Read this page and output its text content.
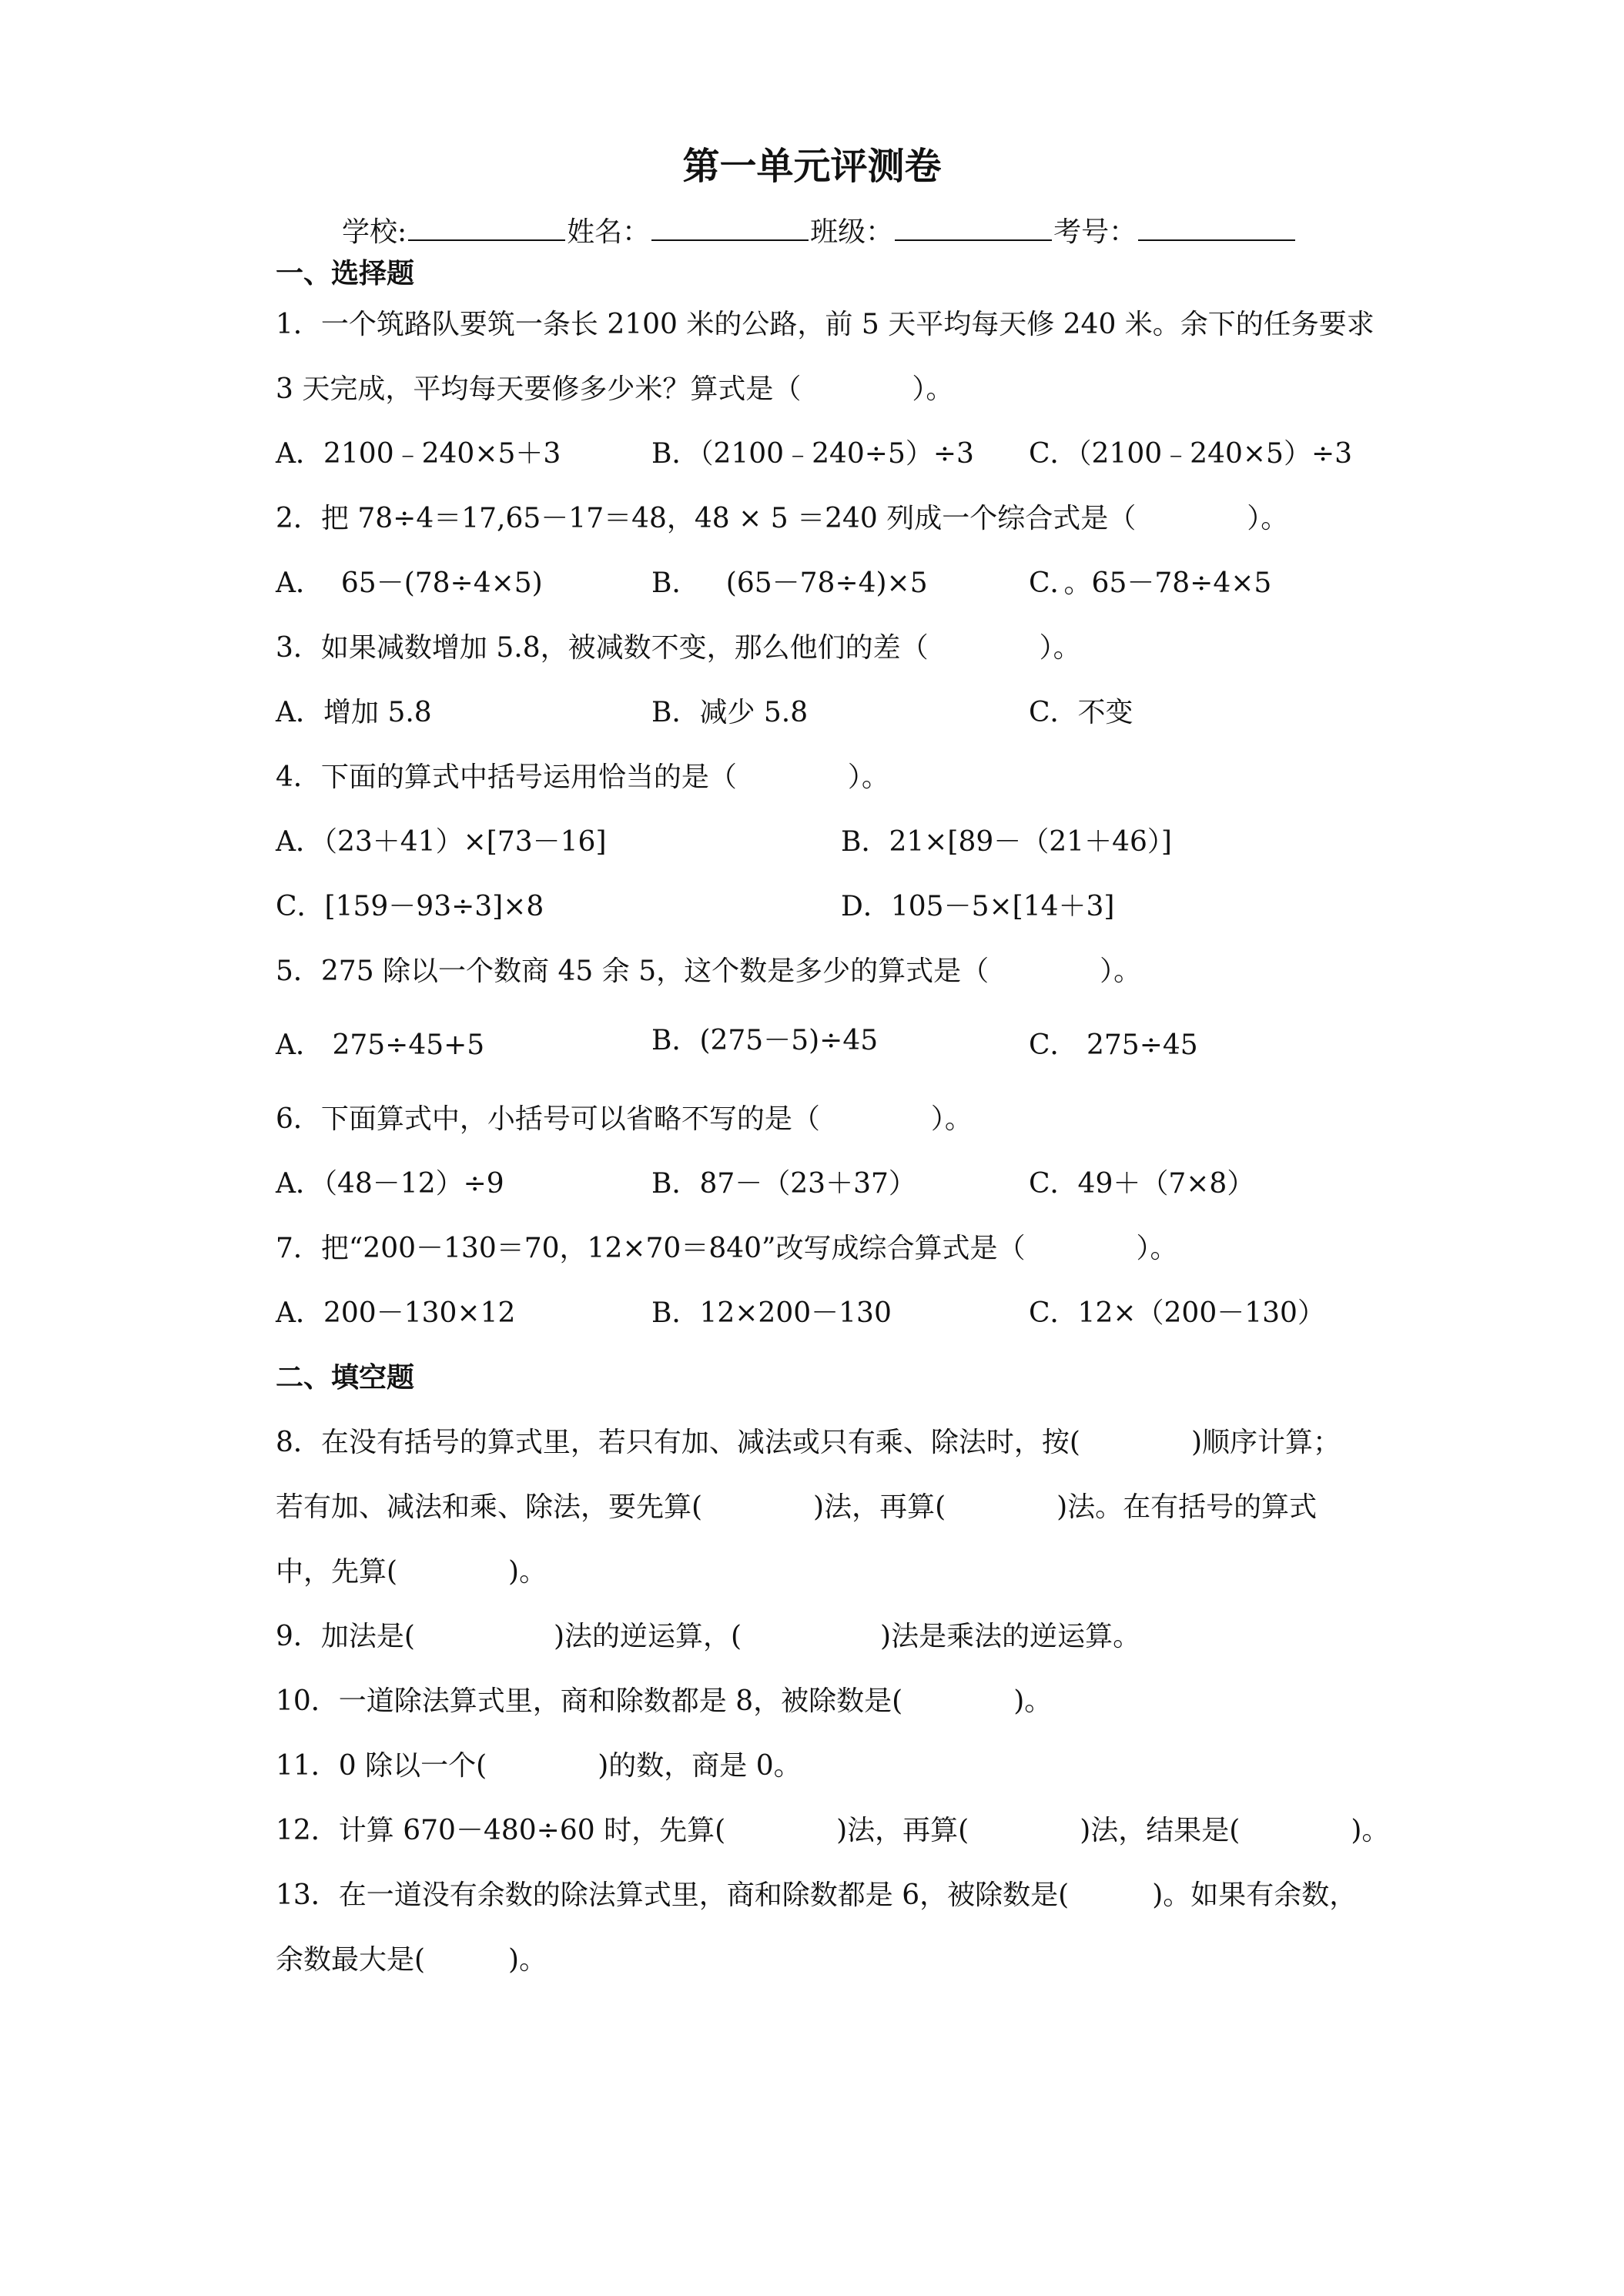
第一单元评测卷
学校:	姓名：	班级：	考号：
一、选择题
1．一个筑路队要筑一条长 2100 米的公路，前 5 天平均每天修 240 米。余下的任务要求
3 天完成，平均每天要修多少米？算式是（　　　　）。
A．2100﹣240×5＋3	B．（2100﹣240÷5）÷3 C．（2100﹣240×5）÷3
2．把 78÷4＝17,65－17＝48，48 × 5 ＝240 列成一个综合式是（　　　　）。
A．  65－(78÷4×5)	B．   (65－78÷4)×5	C．。65－78÷4×5
3．如果减数增加 5.8，被减数不变，那么他们的差（　　　　）。
A．增加 5.8	B．减少 5.8	C．不变
4．下面的算式中括号运用恰当的是（　　　　）。
A．（23＋41）×[73－16]	B．21×[89－（21＋46）]
C．[159－93÷3]×8	D．105－5×[14＋3]
5．275 除以一个数商 45 余 5，这个数是多少的算式是（　　　　）。
A． 275÷45+5	B．(275－5)÷45	C． 275÷45
6．下面算式中，小括号可以省略不写的是（　　　　）。
A．（48－12）÷9	B．87－（23＋37）	C．49＋（7×8）
7．把“200－130＝70，12×70＝840”改写成综合算式是（　　　　）。
A．200－130×12	B．12×200－130	C．12×（200－130）
二、填空题
8．在没有括号的算式里，若只有加、减法或只有乘、除法时，按(　　　　)顺序计算；
若有加、减法和乘、除法，要先算(　　　　)法，再算(　　　　)法。在有括号的算式
中，先算(　　　　)。
9．加法是(　　　　　)法的逆运算，(　　　　　)法是乘法的逆运算。
10．一道除法算式里，商和除数都是 8，被除数是(　　　　)。
11．0 除以一个(　　　　)的数，商是 0。
12．计算 670－480÷60 时，先算(　　　　)法，再算(　　　　)法，结果是(　　　　)。
13．在一道没有余数的除法算式里，商和除数都是 6，被除数是(　　　)。如果有余数，
余数最大是(　　　)。
